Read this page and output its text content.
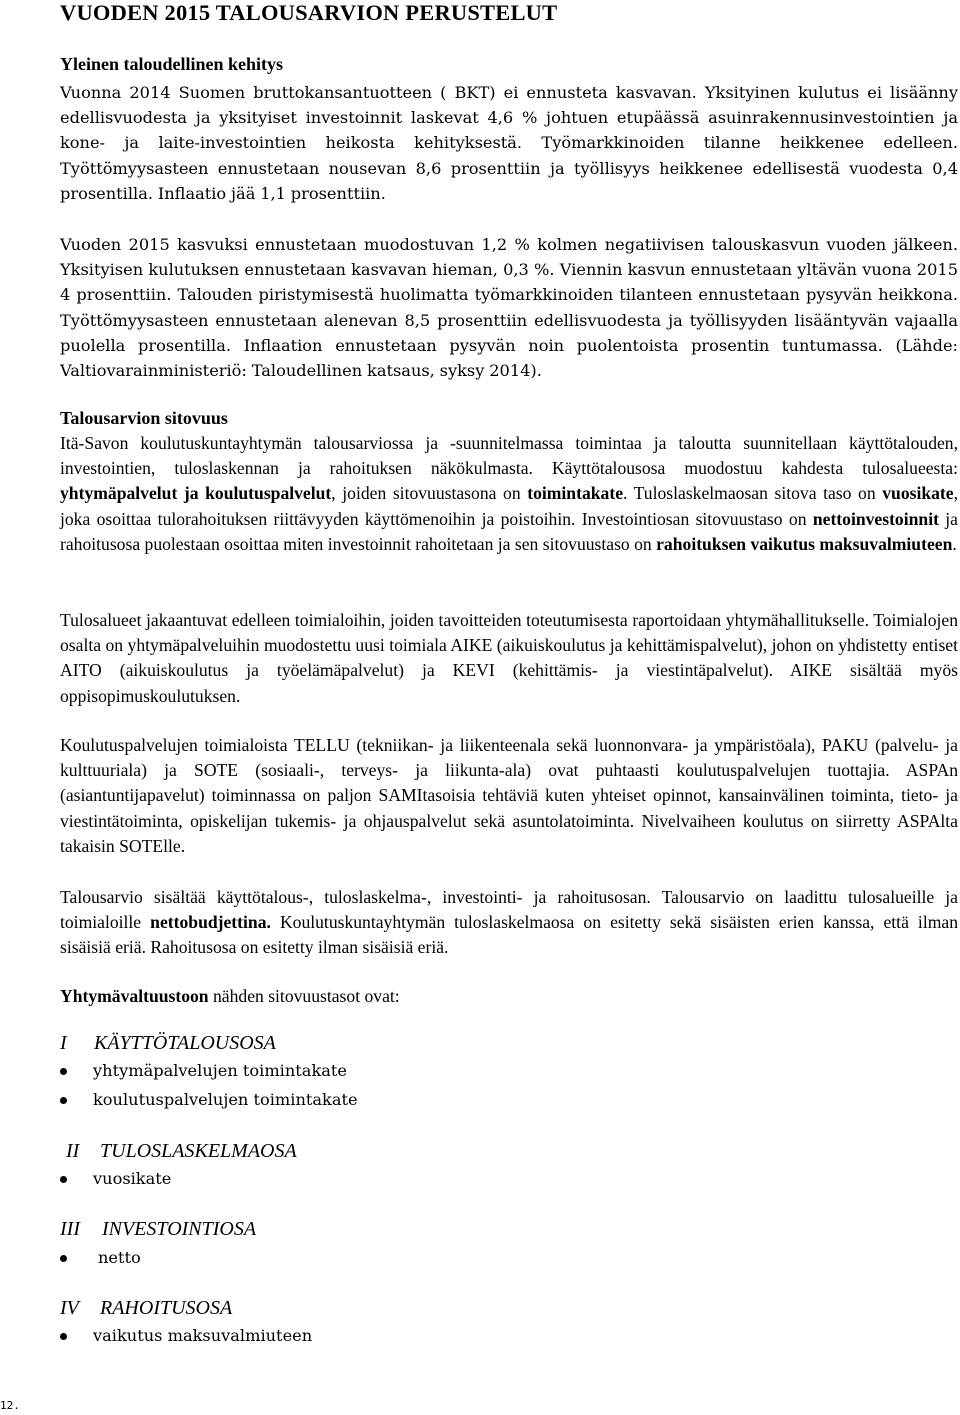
VUODEN 2015 TALOUSARVION PERUSTELUT
Yleinen taloudellinen kehitys

Vuonna 2014 Suomen bruttokansantuotteen ( BKT) ei ennusteta kasvavan. Yksityinen kulutus ei lisäänny edellisvuodesta ja yksityiset investoinnit laskevat 4,6 % johtuen etupäässä asuinrakennusinvestointien ja kone- ja laite-investointien heikosta kehityksestä. Työmarkkinoiden tilanne heikkenee edelleen. Työttömyysasteen ennustetaan nousevan 8,6 prosenttiin ja työllisyys heikkenee edellisestä vuodesta 0,4 prosentilla. Inflaatio jää 1,1 prosenttiin.

Vuoden 2015 kasvuksi ennustetaan muodostuvan 1,2 % kolmen negatiivisen talouskasvun vuoden jälkeen. Yksityisen kulutuksen ennustetaan kasvavan hieman, 0,3 %. Viennin kasvun ennustetaan yltävän vuona 2015 4 prosenttiin. Talouden piristymisestä huolimatta työmarkkinoiden tilanteen ennustetaan pysyvän heikkona. Työttömyysasteen ennustetaan alenevan 8,5 prosenttiin edellisvuodesta ja työllisyyden lisääntyvän vajaalla puolella prosentilla. Inflaation ennustetaan pysyvän noin puolentoista prosentin tuntumassa. (Lähde: Valtiovarainministeriö: Taloudellinen katsaus, syksy 2014).

Talousarvion sitovuus

Itä-Savon koulutuskuntayhtymän talousarviossa ja -suunnitelmassa toimintaa ja taloutta suunnitellaan käyttötalouden, investointien, tuloslaskennan ja rahoituksen näkökulmasta. Käyttötalousosa muodostuu kahdesta tulosalueesta: yhtymäpalvelut ja koulutuspalvelut, joiden sitovuustasona on toimintakate. Tuloslaskelmaosan sitova taso on vuosikate, joka osoittaa tulorahoituksen riittävyyden käyttömenoihin ja poistoihin. Investointiosan sitovuustaso on nettoinvestoinnit ja rahoitusosa puolestaan osoittaa miten investoinnit rahoitetaan ja sen sitovuustaso on rahoituksen vaikutus maksuvalmiuteen.

Tulosalueet jakaantuvat edelleen toimialoihin, joiden tavoitteiden toteutumisesta raportoidaan yhtymähallitukselle. Toimialojen osalta on yhtymäpalveluihin muodostettu uusi toimiala AIKE (aikuiskoulutus ja kehittämispalvelut), johon on yhdistetty entiset AITO (aikuiskoulutus ja työelämäpalvelut) ja KEVI (kehittämis- ja viestintäpalvelut). AIKE sisältää myös oppisopimuskoulutuksen.

Koulutuspalvelujen toimialoista TELLU (tekniikan- ja liikenteenala sekä luonnonvara- ja ympäristöala), PAKU (palvelu- ja kulttuuriala) ja SOTE (sosiaali-, terveys- ja liikunta-ala) ovat puhtaasti koulutuspalvelujen tuottajia. ASPAn (asiantuntijapavelut) toiminnassa on paljon SAMItasoisia tehtäviä kuten yhteiset opinnot, kansainvälinen toiminta, tieto- ja viestintätoiminta, opiskelijan tukemis- ja ohjauspalvelut sekä asuntolatoiminta. Nivelvaiheen koulutus on siirretty ASPAlta takaisin SOTElle.

Talousarvio sisältää käyttötalous-, tuloslaskelma-, investointi- ja rahoitusosan. Talousarvio on laadittu tulosalueille ja toimialoille nettobudjettina. Koulutuskuntayhtymän tuloslaskelmaosa on esitetty sekä sisäisten erien kanssa, että ilman sisäisiä eriä. Rahoitusosa on esitetty ilman sisäisiä eriä.

Yhtymävaltuustoon nähden sitovuustasot ovat:

I KÄYTTÖTALOUSOSA
yhtymäpalvelujen toimintakate
koulutuspalvelujen toimintakate
II TULOSLASKELMAOSA
vuosikate
III INVESTOINTIOSA
netto
IV RAHOITUSOSA
vaikutus maksuvalmiuteen
12.
